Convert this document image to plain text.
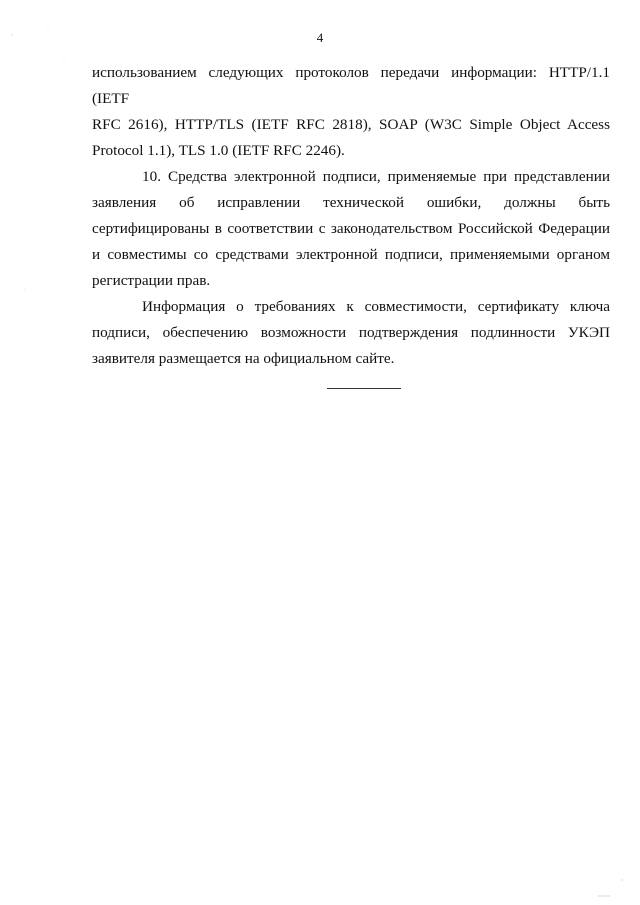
4

использованием следующих протоколов передачи информации: HTTP/1.1 (IETF
RFC 2616), HTTP/TLS (IETF RFC 2818), SOAP (W3C Simple Object Access
Protocol 1.1), TLS 1.0 (IETF RFC 2246).

10. Средства электронной подписи, применяемые при представлении
заявления об исправлении технической ошибки, должны быть
сертифицированы в соответствии с законодательством Российской Федерации
и совместимы со средствами электронной подписи, применяемыми органом
регистрации прав.

Информация о требованиях к совместимости, сертификату ключа
подписи, обеспечению возможности подтверждения подлинности УКЭП
заявителя размещается на официальном сайте.
